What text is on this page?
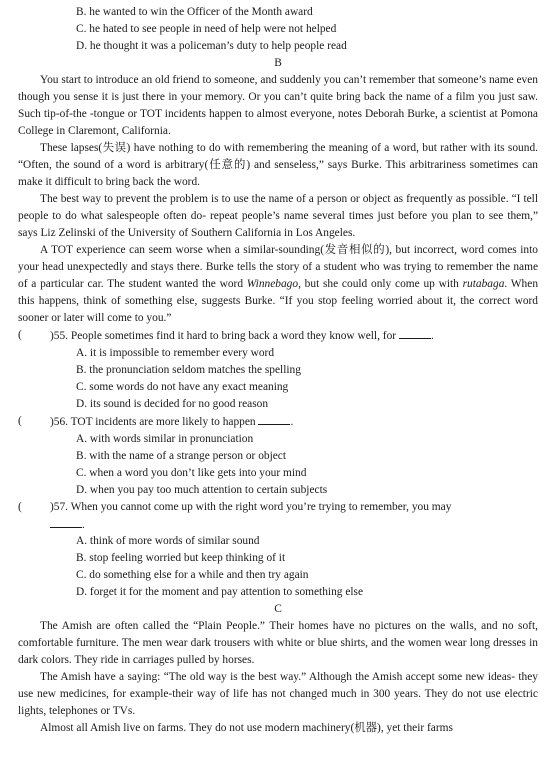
B. he wanted to win the Officer of the Month award
C. he hated to see people in need of help were not helped
D. he thought it was a policeman’s duty to help people read
B

You start to introduce an old friend to someone, and suddenly you can’t remember that someone’s name even though you sense it is just there in your memory. Or you can’t quite bring back the name of a film you just saw. Such tip-of-the -tongue or TOT incidents happen to almost everyone, notes Deborah Burke, a scientist at Pomona College in Claremont, California.

These lapses(失误) have nothing to do with remembering the meaning of a word, but rather with its sound. “Often, the sound of a word is arbitrary(任意的) and senseless,” says Burke. This arbitrariness sometimes can make it difficult to bring back the word.

The best way to prevent the problem is to use the name of a person or object as frequently as possible. “I tell people to do what salespeople often do- repeat people’s name several times just before you plan to see them,” says Liz Zelinski of the University of Southern California in Los Angeles.

A TOT experience can seem worse when a similar-sounding(发音相似的), but incorrect, word comes into your head unexpectedly and stays there. Burke tells the story of a student who was trying to remember the name of a particular car. The student wanted the word Winnebago, but she could only come up with rutabaga. When this happens, think of something else, suggests Burke. “If you stop feeling worried about it, the correct word sooner or later will come to you.”

( )55. People sometimes find it hard to bring back a word they know well, for	.
A. it is impossible to remember every word
B. the pronunciation seldom matches the spelling
C. some words do not have any exact meaning
D. its sound is decided for no good reason
( )56. TOT incidents are more likely to happen	.
A. with words similar in pronunciation
B. with the name of a strange person or object
C. when a word you don’t like gets into your mind
D. when you pay too much attention to certain subjects
( )57. When you cannot come up with the right word you’re trying to remember, you may
.
A. think of more words of similar sound
B. stop feeling worried but keep thinking of it
C. do something else for a while and then try again
D. forget it for the moment and pay attention to something else
C

The Amish are often called the “Plain People.” Their homes have no pictures on the walls, and no soft, comfortable furniture. The men wear dark trousers with white or blue shirts, and the women wear long dresses in dark colors. They ride in carriages pulled by horses.

The Amish have a saying: “The old way is the best way.” Although the Amish accept some new ideas- they use new medicines, for example-their way of life has not changed much in 300 years. They do not use electric lights, telephones or TVs.

Almost all Amish live on farms. They do not use modern machinery(机器), yet their farms
